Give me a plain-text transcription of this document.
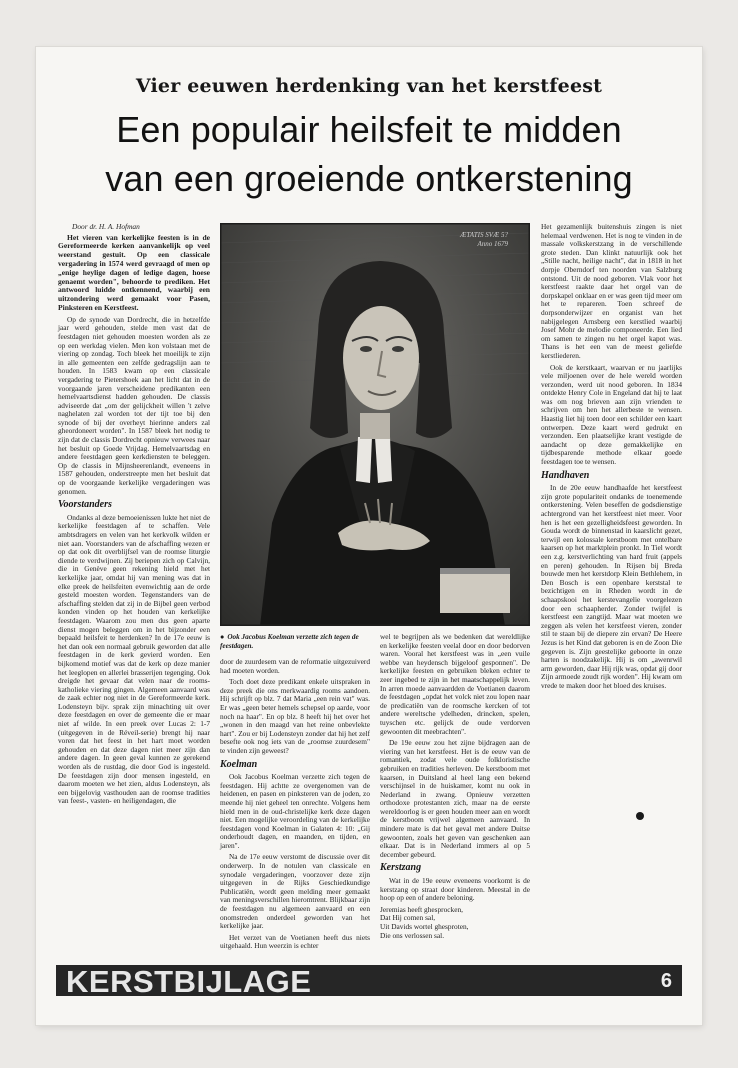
Vier eeuwen herdenking van het kerstfeest
Een populair heilsfeit te midden
van een groeiende ontkerstening
Door dr. H. A. Hofman

Het vieren van kerkelijke feesten is in de Gereformeerde kerken aanvankelijk op veel weerstand gestuit. Op een classicale vergadering in 1574 werd gevraagd of men op „enige heylige dagen of ledige dagen, hoese genaemt worden", behoorde te prediken. Het antwoord luidde ontkennend, waarbij een uitzondering werd gemaakt voor Pasen, Pinksteren en Kerstfeest.

Op de synode van Dordrecht, die in hetzelfde jaar werd gehouden, stelde men vast dat de feestdagen niet gehouden moesten worden als ze op een werkdag vielen. Men kon volstaan met de viering op zondag. Toch bleek het moeilijk te zijn in alle gemeenten een zelfde gedragslijn aan te houden. In 1583 kwam op een classicale vergadering te Pietershoek aan het licht dat in de voorgaande jaren verscheidene predikanten een hemelvaartsdienst hadden gehouden. De classis adviseerde dat „om der gelijckheit willen 't zelve naghelaten zal worden tot der tijt toe bij den synode of bij der overheyt hierinne anders zal gheordoneert worden". In 1587 bleek het nodig te zijn dat de classis Dordrecht opnieuw verwees naar het besluit op Goede Vrijdag. Hemelvaartsdag en andere feestdagen geen kerkdiensten te beleggen. Op de classis in Mijnsheerenlandt, eveneens in 1587 gehouden, onderstreepte men het besluit dat op de voorgaande kerkelijke vergaderingen was genomen.

Voorstanders

Ondanks al deze bemoeienissen lukte het niet de kerkelijke feestdagen af te schaffen. Vele ambtsdragers en velen van het kerkvolk wilden er niet aan. Voorstanders van de afschaffing wezen er op dat ook dit overblijfsel van de roomse liturgie diende te verdwijnen. Zij beriepen zich op Calvijn, die in Genève geen rekening hield met het kerkelijke jaar, omdat hij van mening was dat in elke preek de heilsfeiten evenwichtig aan de orde gesteld moesten worden. Tegenstanders van de afschaffing stelden dat zij in de Bijbel geen verbod konden vinden op het houden van kerkelijke feestdagen. Waarom zou men dus geen aparte dienst mogen beleggen om in het bijzonder een bepaald heilsfeit te herdenken? In de 17e eeuw is het dan ook een normaal gebruik geworden dat alle feestdagen in de kerk gevierd worden. Een bijkomend motief was dat de kerk op deze manier het leeglopen en allerlei brasserijen tegenging. Ook dreigde het gevaar dat velen naar de rooms-katholieke viering gingen. Algemeen aanvaard was de zaak echter nog niet in de Gereformeerde kerk. Lodensteyn bijv. sprak zijn minachting uit over deze feestdagen en over de gemeente die er maar niet af wilde. In een preek over Lucas 2: 1-7 (uitgegeven in de Réveil-serie) brengt hij naar voren dat het feest in het hart moet worden gehouden en dat deze dagen niet meer zijn dan andere dagen. In geen geval kunnen ze gerekend worden als de rustdag, die door God is ingesteld. De feestdagen zijn door mensen ingesteld, en daarom moeten we het zien, aldus Lodensteyn, als een bijgelovig vasthouden aan de roomse tradities van feest-, vasten- en heiligendagen, die

ÆTATIS SVÆ 5?
Anno 1679
● Ook Jacobus Koelman verzette zich tegen de feestdagen.

door de zuurdesem van de reformatie uitgezuiverd had moeten worden.

Toch doet deze predikant enkele uitspraken in deze preek die ons merkwaardig rooms aandoen. Hij schrijft op blz. 7 dat Maria „een rein vat" was. Er was „geen beter hemels schepsel op aarde, voor noch na haar". En op blz. 8 heeft hij het over het „wonen in den maagd van het reine onbevlekte hart". Zou er bij Lodensteyn zonder dat hij het zelf besefte ook nog iets van de „roomse zuurdesem" te vinden zijn geweest?

Koelman

Ook Jacobus Koelman verzette zich tegen de feestdagen. Hij achtte ze overgenomen van de heidenen, en pasen en pinksteren van de joden, zo meende hij niet geheel ten onrechte. Volgens hem hield men in de oud-christelijke kerk deze dagen niet. Een mogelijke veroordeling van de kerkelijke feestdagen vond Koelman in Galaten 4: 10: „Gij onderhoudt dagen, en maanden, en tijden, en jaren".

Na de 17e eeuw verstomt de discussie over dit onderwerp. In de notulen van classicale en synodale vergaderingen, voorzover deze zijn uitgegeven in de Rijks Geschiedkundige Publicatiën, wordt geen melding meer gemaakt van meningsverschillen hieromtrent. Blijkbaar zijn de feestdagen nu algemeen aanvaard en een onomstreden onderdeel geworden van het kerkelijke jaar.

Het verzet van de Voetianen heeft dus niets uitgehaald. Hun weerzin is echter

wel te begrijpen als we bedenken dat wereldlijke en kerkelijke feesten veelal door en door bedorven waren. Vooral het kerstfeest was in „een vuile webbe van heydensch bijgeloof gesponnen". De kerkelijke feesten en gebruiken bleken echter te zeer ingebed te zijn in het maatschappelijk leven. In arren moede aanvaardden de Voetianen daarom de feestdagen „opdat het volck niet zou lopen naar de predicatiën van de roomsche kercken of tot andere wereltsche ydelheden, drincken, spelen, tuyschen etc. gelijck de oude verdorven gewoonten dit meebrachten".

De 19e eeuw zou het zijne bijdragen aan de viering van het kerstfeest. Het is de eeuw van de romantiek, zodat vele oude folkloristische gebruiken en tradities herleven. De kerstboom met kaarsen, in Duitsland al heel lang een bekend verschijnsel in de huiskamer, komt nu ook in Nederland in zwang. Opnieuw verzetten orthodoxe protestanten zich, maar na de eerste wereldoorlog is er geen houden meer aan en wordt de kerstboom vrijwel algemeen aanvaard. In mindere mate is dat het geval met andere Duitse gewoonten, zoals het geven van geschenken aan elkaar. Dat is in Nederland immers al op 5 december gebeurd.

Kerstzang

Wat in de 19e eeuw eveneens voorkomt is de kerstzang op straat door kinderen. Meestal in de hoop op een of andere beloning.

Jeremias heeft ghesprocken,

Dat Hij comen sal,

Uit Davids wortel ghesproten,

Die ons verlossen sal.

Het gezamenlijk buitenshuis zingen is niet helemaal verdwenen. Het is nog te vinden in de massale volkskerstzang in de verschillende grote steden. Dan klinkt natuurlijk ook het „Stille nacht, heilige nacht", dat in 1818 in het dorpje Oberndorf ten noorden van Salzburg ontstond. Uit de nood geboren. Vlak voor het kerstfeest raakte daar het orgel van de dorpskapel onklaar en er was geen tijd meer om het te repareren. Toen schreef de dorpsonderwijzer en organist van het nabijgelegen Arnsberg een kerstlied waarbij Josef Mohr de melodie componeerde. Een lied om samen te zingen nu het orgel kapot was. Thans is het een van de meest geliefde kerstliederen.

Ook de kerstkaart, waarvan er nu jaarlijks vele miljoenen over de hele wereld worden verzonden, werd uit nood geboren. In 1834 ontdekte Henry Cole in Engeland dat hij te laat was om nog brieven aan zijn vrienden te schrijven om hen het allerbeste te wensen. Haastig liet hij toen door een schilder een kaart ontwerpen. Deze kaart werd gedrukt en verzonden. Een plaatselijke krant vestigde de aandacht op deze gemakkelijke en tijdbesparende methode elkaar goede feestdagen toe te wensen.

Handhaven

In de 20e eeuw handhaafde het kerstfeest zijn grote populariteit ondanks de toenemende ontkerstening. Velen beseffen de godsdienstige achtergrond van het kerstfeest niet meer. Voor hen is het een gezelligheidsfeest geworden. In Gouda wordt de binnenstad in kaarslicht gezet, terwijl een kolossale kerstboom met ontelbare kaarsen op het marktplein pronkt. In Tiel wordt een z.g. kerstverlichting van hard fruit (appels en peren) gehouden. In Rijsen bij Breda bouwde men het kerstdorp Klein Bethlehem, in Den Bosch is een openbare kerststal te bezichtigen en in Rheden wordt in de schaapskooi het kerstevangelie voorgelezen door een schaapherder. Zonder twijfel is kerstfeest een zangtijd. Maar wat moeten we zeggen als velen het kerstfeest vieren, zonder stil te staan bij de diepere zin ervan? De Heere Jezus is het Kind dat geboren is en de Zoon Die gegeven is. Zijn geestelijke geboorte in onze harten is noodzakelijk. Hij is om „awenrwil arm geworden, daar Hij rijk was, opdat gij door Zijn armoede zoudt rijk worden". Hij kwam om vrede te maken door het bloed des kruises.

KERSTBIJLAGE	6
